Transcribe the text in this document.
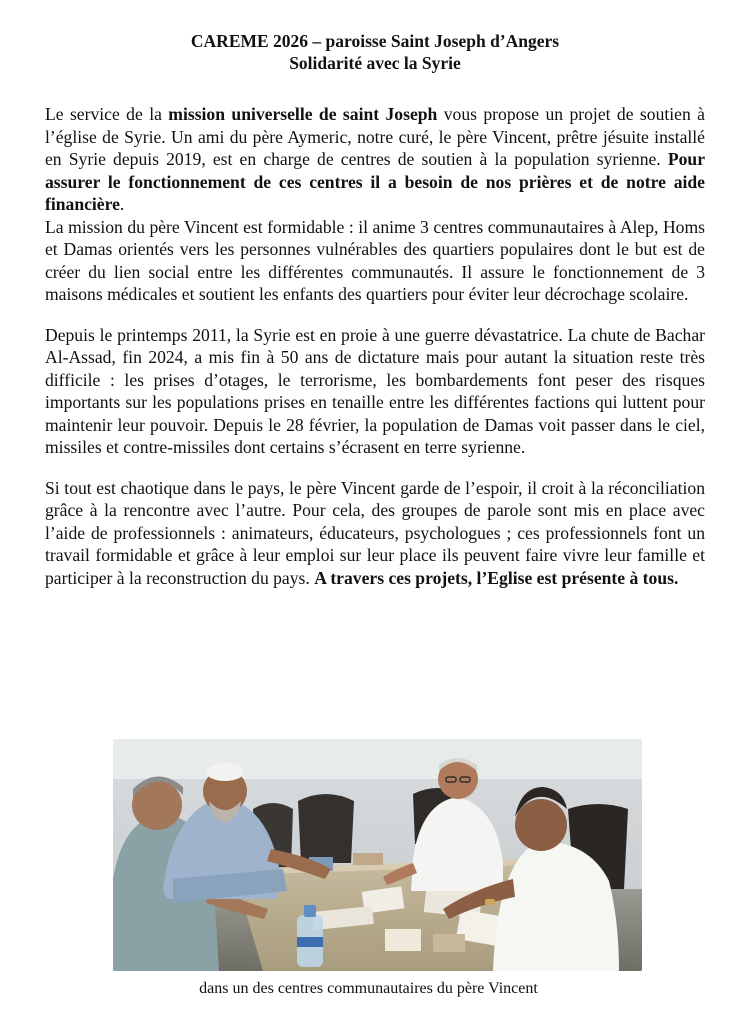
CAREME 2026 – paroisse Saint Joseph d’Angers

Solidarité avec la Syrie

Le service de la mission universelle de saint Joseph vous propose un projet de soutien à l’église de Syrie. Un ami du père Aymeric, notre curé, le père Vincent, prêtre jésuite installé en Syrie depuis 2019, est en charge de centres de soutien à la population syrienne. Pour assurer le fonctionnement de ces centres il a besoin de nos prières et de notre aide financière.

La mission du père Vincent est formidable : il anime 3 centres communautaires à Alep, Homs et Damas orientés vers les personnes vulnérables des quartiers populaires dont le but est de créer du lien social entre les différentes communautés. Il assure le fonctionnement de 3 maisons médicales et soutient les enfants des quartiers pour éviter leur décrochage scolaire.

Depuis le printemps 2011, la Syrie est en proie à une guerre dévastatrice. La chute de Bachar Al-Assad, fin 2024, a mis fin à 50 ans de dictature mais pour autant la situation reste très difficile : les prises d’otages, le terrorisme, les bombardements font peser des risques importants sur les populations prises en tenaille entre les différentes factions qui luttent pour maintenir leur pouvoir. Depuis le 28 février, la population de Damas voit passer dans le ciel, missiles et contre-missiles dont certains s’écrasent en terre syrienne.

Si tout est chaotique dans le pays, le père Vincent garde de l’espoir, il croit à la réconciliation grâce à la rencontre avec l’autre. Pour cela, des groupes de parole sont mis en place avec l’aide de professionnels : animateurs, éducateurs, psychologues ; ces professionnels font un travail formidable et grâce à leur emploi sur leur place ils peuvent faire vivre leur famille et participer à la reconstruction du pays. A travers ces projets, l’Eglise est présente à tous.

dans un des centres communautaires du père Vincent
